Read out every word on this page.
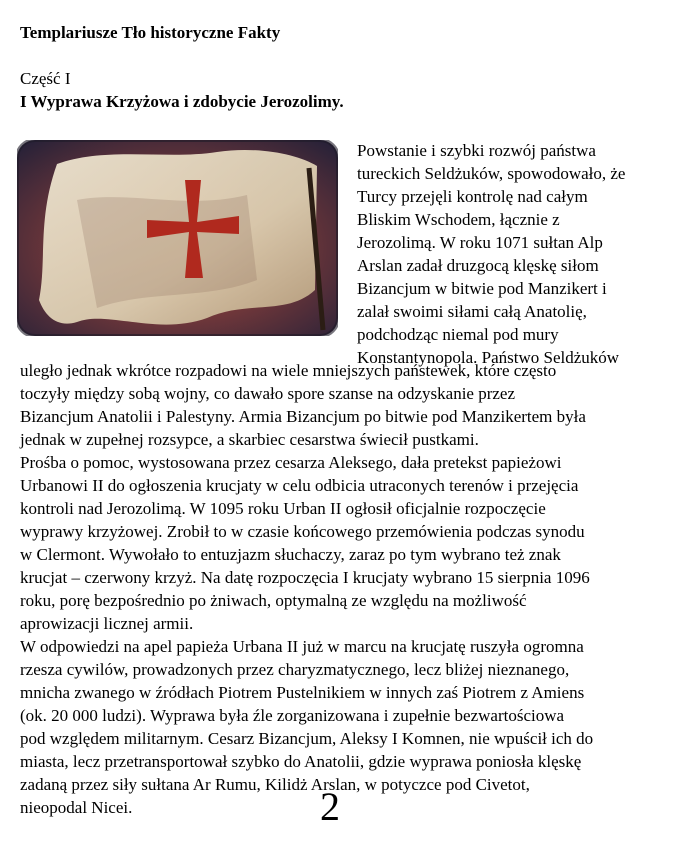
Templariusze Tło historyczne Fakty
Część I
I Wyprawa Krzyżowa i zdobycie Jerozolimy.

Powstanie i szybki rozwój państwa

tureckich Seldżuków, spowodowało, że

Turcy przejęli kontrolę nad całym

Bliskim Wschodem, łącznie z

Jerozolimą. W roku 1071 sułtan Alp

Arslan zadał druzgocą klęskę siłom

Bizancjum w bitwie pod Manzikert i

zalał swoimi siłami całą Anatolię,

podchodząc niemal pod mury

Konstantynopola. Państwo Seldżuków

uległo jednak wkrótce rozpadowi na wiele mniejszych państewek, które często

toczyły między sobą wojny, co dawało spore szanse na odzyskanie przez

Bizancjum Anatolii i Palestyny. Armia Bizancjum po bitwie pod Manzikertem była

jednak w zupełnej rozsypce, a skarbiec cesarstwa świecił pustkami.

Prośba o pomoc, wystosowana przez cesarza Aleksego, dała pretekst papieżowi

Urbanowi II do ogłoszenia krucjaty w celu odbicia utraconych terenów i przejęcia

kontroli nad Jerozolimą. W 1095 roku Urban II ogłosił oficjalnie rozpoczęcie

wyprawy krzyżowej. Zrobił to w czasie końcowego przemówienia podczas synodu

w Clermont. Wywołało to entuzjazm słuchaczy, zaraz po tym wybrano też znak

krucjat – czerwony krzyż. Na datę rozpoczęcia I krucjaty wybrano 15 sierpnia 1096

roku, porę bezpośrednio po żniwach, optymalną ze względu na możliwość

aprowizacji licznej armii.

W odpowiedzi na apel papieża Urbana II już w marcu na krucjatę ruszyła ogromna

rzesza cywilów, prowadzonych przez charyzmatycznego, lecz bliżej nieznanego,

mnicha zwanego w źródłach Piotrem Pustelnikiem w innych zaś Piotrem z Amiens

(ok. 20 000 ludzi). Wyprawa była źle zorganizowana i zupełnie bezwartościowa

pod względem militarnym. Cesarz Bizancjum, Aleksy I Komnen, nie wpuścił ich do

miasta, lecz przetransportował szybko do Anatolii, gdzie wyprawa poniosła klęskę

zadaną przez siły sułtana Ar Rumu, Kilidż Arslan, w potyczce pod Civetot,

nieopodal Nicei.	2
